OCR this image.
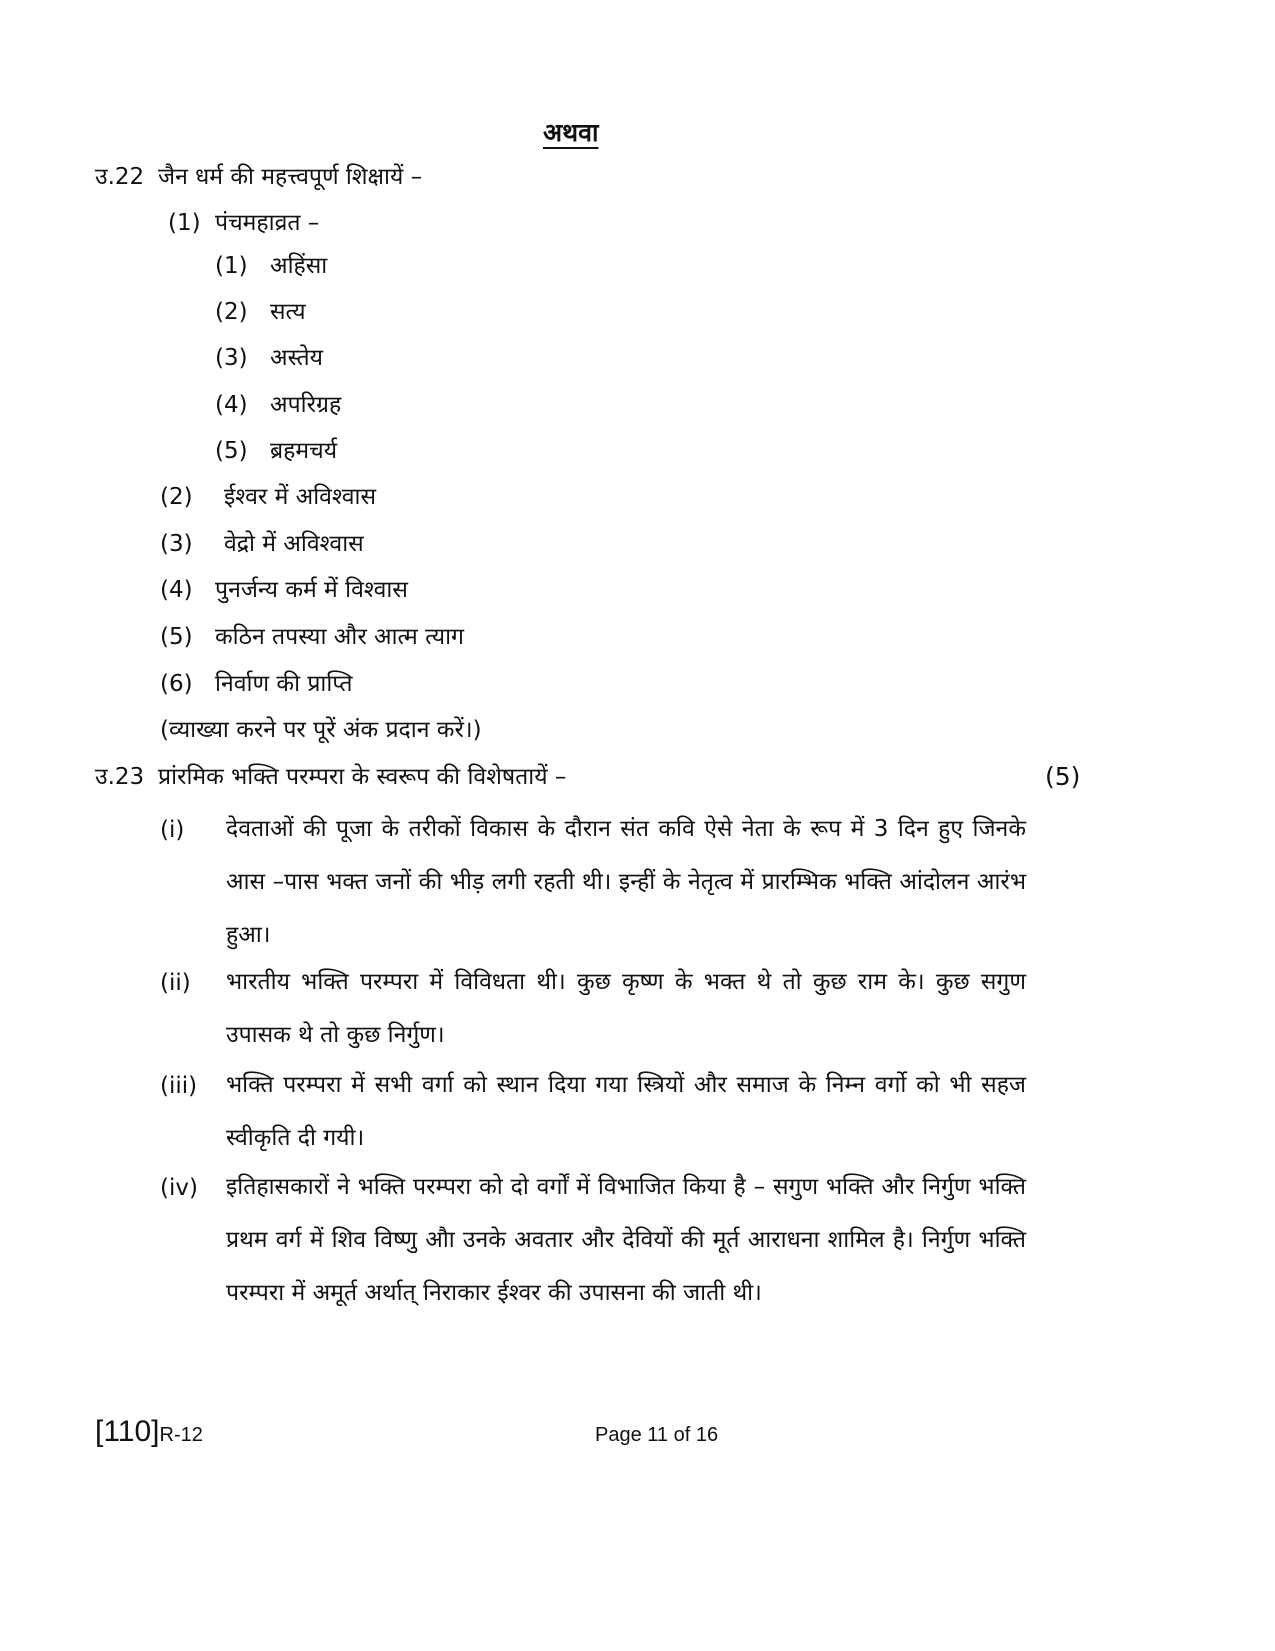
अथवा
उ.22 जैन धर्म की महत्त्वपूर्ण शिक्षायें –
(1) पंचमहाव्रत –
(1) अहिंसा
(2) सत्य
(3) अस्तेय
(4) अपरिग्रह
(5) ब्रहमचर्य
(2) ईश्वर में अविश्वास
(3) वेद्रो में अविश्वास
(4) पुनर्जन्य कर्म में विश्वास
(5) कठिन तपस्या और आत्म त्याग
(6) निर्वाण की प्राप्ति
(व्याख्या करने पर पूरें अंक प्रदान करें।)
उ.23 प्रांरमिक भक्ति परम्परा के स्वरूप की विशेषतायें –	(5)
(i) देवताओं की पूजा के तरीकों विकास के दौरान संत कवि ऐसे नेता के रूप में 3 दिन हुए जिनके आस –पास भक्त जनों की भीड़ लगी रहती थी। इन्हीं के नेतृत्व में प्रारम्भिक भक्ति आंदोलन आरंभ हुआ।
(ii) भारतीय भक्ति परम्परा में विविधता थी। कुछ कृष्ण के भक्त थे तो कुछ राम के। कुछ सगुण उपासक थे तो कुछ निर्गुण।
(iii) भक्ति परम्परा में सभी वर्गा को स्थान दिया गया स्त्रियों और समाज के निम्न वर्गो को भी सहज स्वीकृति दी गयी।
(iv) इतिहासकारों ने भक्ति परम्परा को दो वर्गों में विभाजित किया है – सगुण भक्ति और निर्गुण भक्ति प्रथम वर्ग में शिव विष्णु औा उनके अवतार और देवियों की मूर्त आराधना शामिल है। निर्गुण भक्ति परम्परा में अमूर्त अर्थात् निराकार ईश्वर की उपासना की जाती थी।
[110]R-12	Page 11 of 16
